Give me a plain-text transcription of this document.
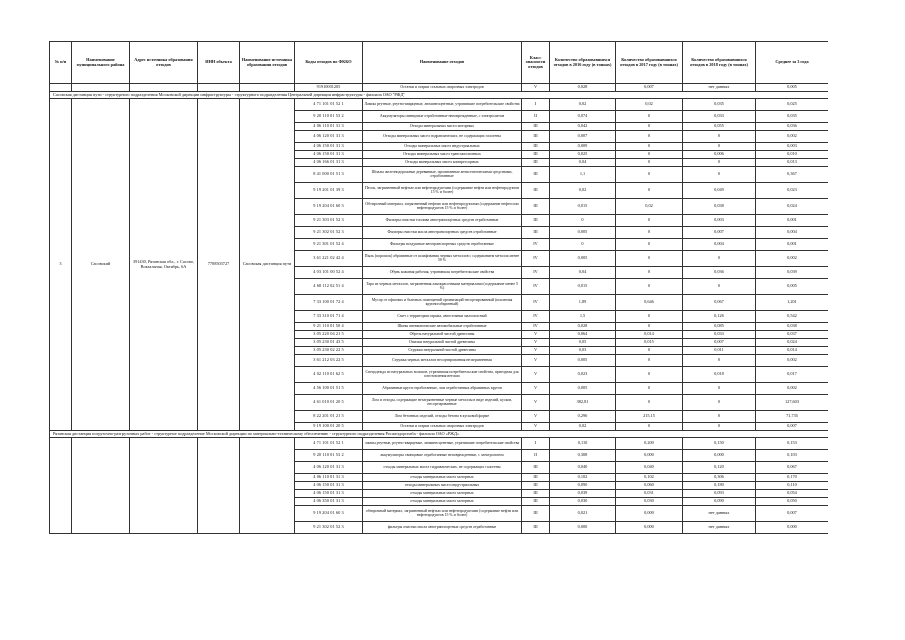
№ п/п	Наименование муниципального района	Адрес источника образования отходов	ИНН объекта	Наименование источника образования отходов	Коды отходов по ФККО	Наименование отходов	Класс опасности отходов	Количество образовавшихся отходов в 2016 году (в тоннах)	Количество образовавшихся отходов в 2017 году (в тоннах)	Количество образовавшихся отходов в 2018 году (в тоннах)	Среднее за 3 года
					91910001205	Остатки и огарки стальных сварочных электродов	V	0,028	0,007	нет данных	0,005
Сасовская дистанция пути - структурного подразделения Московской дирекции инфраструктуры - структурного подразделения Центральной дирекции инфраструктуры - филиала ОАО "РЖД"											
3	Сасовский	391430, Рязанская обл., г. Сасово, Вокзальная, Октябрь, 6А	7708503727	Сасовская дистанция пути	4 71 101 01 52 1	Лампы ртутные, ртутно-кварцевые, люминесцентные, утратившие потребительские свойства	I	0,02	0,02	0,035	0,025
					9 20 110 01 53 2	Аккумуляторы свинцовые отработанные неповрежденные, с электролитом	II	0,074	0	0,033	0,035
					4 06 110 01 31 3	Отходы минеральных масел моторных	III	0,042	0	0,055	0,036
					4 06 120 01 31 3	Отходы минеральных масел гидравлических, не содержащих галогены	III	0,007	0	0	0,002
					4 06 150 01 31 3	Отходы минеральных масел индустриальных	III	0,009	0	0	0,003
					4 06 150 01 31 3	Отходы минеральных масел трансмиссионных	III	0,025	0	0,006	0,010
					4 06 166 01 31 3	Отходы минеральных масел компрессорных	III	0,04	0	0	0,013
					8 41 000 01 51 3	Шпалы железнодорожные деревянные, пропитанные антисептическими средствами, отработанные	III	1,1	0	0	0,367
					9 19 201 01 39 3	Песок, загрязненный нефтью или нефтепродуктами (содержание нефти или нефтепродуктов 15 % и более)	III	0,02	0	0,049	0,023
					9 19 204 01 60 3	Обтирочный материал, загрязненный нефтью или нефтепродуктами (содержание нефти или нефтепродуктов 15 % и более)	III	0,015	0,02	0,038	0,024
					9 21 303 01 52 3	Фильтры очистки топлива автотранспортных средств отработанные	III	0	0	0,003	0,001
					9 21 302 01 52 3	Фильтры очистки масла автотранспортных средств отработанные	III	0,005	0	0,007	0,004
					9 21 301 01 52 4	Фильтры воздушные автотранспортных средств отработанные	IV	0	0	0,004	0,001
					3 61 221 02 42 4	Пыль (порошок) абразивные от шлифования черных металлов с содержанием металла менее 50 %	IV	0,005	0	0	0,002
					4 03 101 00 52 4	Обувь кожаная рабочая, утратившая потребительские свойства	IV	0,04	0	0,036	0,039
					4 68 112 02 51 4	Тара из черных металлов, загрязненная лакокрасочными материалами (содержание менее 5 %)	IV	0,015	0	0	0,005
					7 33 100 01 72 4	Мусор от офисных и бытовых помещений организаций несортированный (исключая крупногабаритный)	IV	1,89	0,646	0,067	1,201
					7 33 310 01 71 4	Смет с территории гаража, автостоянки малоопасный	IV	1,5	0	0,126	0,542
					9 21 110 01 50 4	Шины пневматические автомобильные отработанные	IV	0,028	0	0,085	0,038
					3 05 220 04 21 5	Обрезь натуральной чистой древесины	V	0,064	0,014	0,033	0,037
					3 05 230 01 43 5	Опилки натуральной чистой древесины	V	0,05	0,015	0,007	0,024
					3 05 230 02 22 5	Стружка натуральной чистой древесины	V	0,03	0	0,011	0,014
					3 61 212 03 22 5	Стружка черных металлов несортированная незагрязненная	V	0,005	0	0	0,002
					4 02 110 01 62 5	Спецодежда из натуральных волокон, утратившая потребительские свойства, пригодная для изготовления ветоши	V	0,023	0	0,018	0,017
					4 56 100 01 51 5	Абразивные круги отработанные, лом отработанных абразивных кругов	V	0,005	0	0	0,002
					4 61 010 01 20 5	Лом и отходы, содержащие незагрязненные черные металлы в виде изделий, кусков, несортированные	V	382,81	0	0	127,603
					8 22 201 01 21 5	Лом бетонных изделий, отходы бетона в кусковой форме	V	0,296	215,15	0	71,735
					9 19 100 01 20 5	Остатки и огарки стальных сварочных электродов	V	0,02	0	0	0,007
Рязанская дистанция погрузочно-разгрузочных работ - структурное подразделение Московской дирекции по материально-техническому обеспечению - структурного подразделения Росжелдорснаба - филиала ОАО «РЖД»											
					4 71 101 01 52 1	лампы ртутные, ртутно-кварцевые, люминесцентные, утратившие потребительские свойства	I	0,110	0,200	0,150	0,153
					9 20 110 01 53 2	аккумуляторы свинцовые отработанные неповрежденные, с электролитом	II	0,308	0,000	0,000	0,103
					4 06 120 01 31 3	отходы минеральных масел гидравлических, не содержащих галогены	III	0,040	0,040	0,120	0,067
					4 06 110 01 31 3	отходы минеральных масел моторных	III	0,102	0,102	0,306	0,170
					4 06 150 01 31 3	отходы минеральных масел индустриальных	III	0,090	0,060	0,180	0,110
					4 06 150 01 31 3	отходы минеральных масел моторных	III	0,039	0,031	0,093	0,054
					4 06 350 01 31 3	отходы минеральных масел моторных	III	0,030	0,030	0,090	0,050
					9 19 204 01 60 3	обтирочный материал, загрязненный нефтью или нефтепродуктами (содержание нефти или нефтепродуктов 15 % и более)	III	0,021	0,000	нет данных	0,007
					9 21 302 01 52 3	фильтры очистки масла автотранспортных средств отработанные	III	0,000	0,000	нет данных	0,000
